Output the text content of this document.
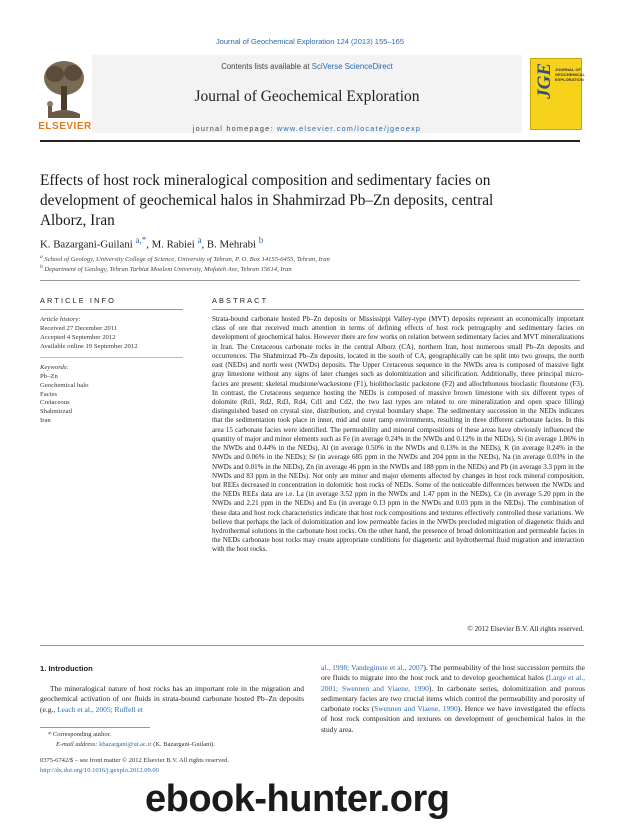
Journal of Geochemical Exploration 124 (2013) 155–165
Contents lists available at SciVerse ScienceDirect
Journal of Geochemical Exploration
journal homepage: www.elsevier.com/locate/jgeoexp
ELSEVIER
JGE JOURNAL OF GEOCHEMICAL EXPLORATION
Effects of host rock mineralogical composition and sedimentary facies on development of geochemical halos in Shahmirzad Pb–Zn deposits, central Alborz, Iran
K. Bazargani-Guilani $^{a,*}$, M. Rabiei $^a$, B. Mehrabi $^b$
$^a$ School of Geology, University College of Science, University of Tehran, P. O. Box 14155-6455, Tehran, Iran
$^b$ Department of Geology, Tehran Tarbiat Moalem University, Mofateh Ave, Tehran 15614, Iran
ARTICLE INFO	ABSTRACT
Article history:
Received 27 December 2011
Accepted 4 September 2012
Available online 19 September 2012
Keywords:
Pb–Zn
Geochemical halo
Facies
Cretaceous
Shahmirzad
Iran
Strata-bound carbonate hosted Pb–Zn deposits or Mississippi Valley-type (MVT) deposits represent an economically important class of ore that received much attention in terms of defining effects of host rock petrography and sedimentary facies on development of geochemical halos. However there are few works on relation between sedimentary facies and MVT mineralizations in Iran. The Cretaceous carbonate rocks in the central Alborz (CA), northern Iran, host numerous small Pb–Zn deposits and occurrences. The Shahmirzad Pb–Zn deposits, located in the south of CA, geographically can be split into two groups, the north east (NEDs) and north west (NWDs) deposits. The Upper Cretaceous sequence in the NWDs area is composed of massive light gray limestone without any signs of later changes such as dolomitization and silicification. Additionally, three principal micro-facies are present: skeletal mudstone/wackestone (F1), biolithoclastic packstone (F2) and allochthonous bioclastic floutstone (F3). In contrast, the Cretaceous sequence hosting the NEDs is composed of massive brown limestone with six different types of dolomite (Rd1, Rd2, Rd3, Rd4, Cd1 and Cd2, the two last types are related to ore mineralization and open space filling) distinguished based on crystal size, distribution, and crystal boundary shape. The sedimentary succession in the NEDs indicates that the sedimentation took place in inner, mid and outer ramp environments, resulting in three different carbonate facies. In this area 15 carbonate facies were identified. The permeability and mineral compositions of these areas have obviously influenced the quantity of major and minor elements such as Fe (in average 0.24% in the NWDs and 0.12% in the NEDs), Si (in average 1.86% in the NWDs and 0.44% in the NEDs), Al (in average 0.50% in the NWDs and 0.13% in the NEDs), K (in average 0.24% in the NWDs and 0.06% in the NEDs); Sr (in average 685 ppm in the NWDs and 204 ppm in the NEDs), Na (in average 0.03% in the NWDs and 0.01% in the NEDs), Zn (in average 46 ppm in the NWDs and 188 ppm in the NEDs) and Pb (in average 3.3 ppm in the NWDs and 83 ppm in the NEDs). Not only are minor and major elements affected by changes in host rock mineral composition, but REEs decreased in concentration in dolomitic host rocks of NEDs. Some of the noticeable differences between the NWDs and the NEDs REEs data are i.e. La (in average 3.52 ppm in the NWDs and 1.47 ppm in the NEDs), Ce (in average 5.20 ppm in the NWDs and 2.21 ppm in the NEDs) and Eu (in average 0.13 ppm in the NWDs and 0.03 ppm in the NEDs). The combination of these data and host rock characteristics indicate that host rock compositions and textures effectively controlled these variations. We believe that perhaps the lack of dolomitization and low permeable facies in the NWDs precluded migration of diagenetic fluids and hydrothermal solutions in the carbonate host rocks. On the other hand, the presence of broad dolomitization and permeable facies in the NEDs carbonate host rocks may create appropriate conditions for diagenetic and hydrothermal fluid migration and interaction with the host rocks.
© 2012 Elsevier B.V. All rights reserved.
1. Introduction
The mineralogical nature of host rocks has an important role in the migration and geochemical activation of ore fluids in strata-bound carbonate hosted Pb–Zn deposits (e.g., Leach et al., 2005; Ruffell et
al., 1998; Vandeginste et al., 2007). The permeability of the host succession permits the ore fluids to migrate into the host rock and to develop geochemical halos (Large et al., 2001; Swennen and Viaene, 1990). In carbonate series, dolomitization and porous sedimentary facies are two crucial items which control the permeability and porosity of carbonate rocks (Swennen and Viaene, 1990). Hence we have investigated the effects of host rock composition and textures on development of geochemical halos in the study area.
* Corresponding author.
E-mail address: kbazargani@ut.ac.ir (K. Bazargani-Guilani).
0375-6742/$ – see front matter © 2012 Elsevier B.V. All rights reserved.
http://dx.doi.org/10.1016/j.gexplo.2012.09.00
ebook-hunter.org
